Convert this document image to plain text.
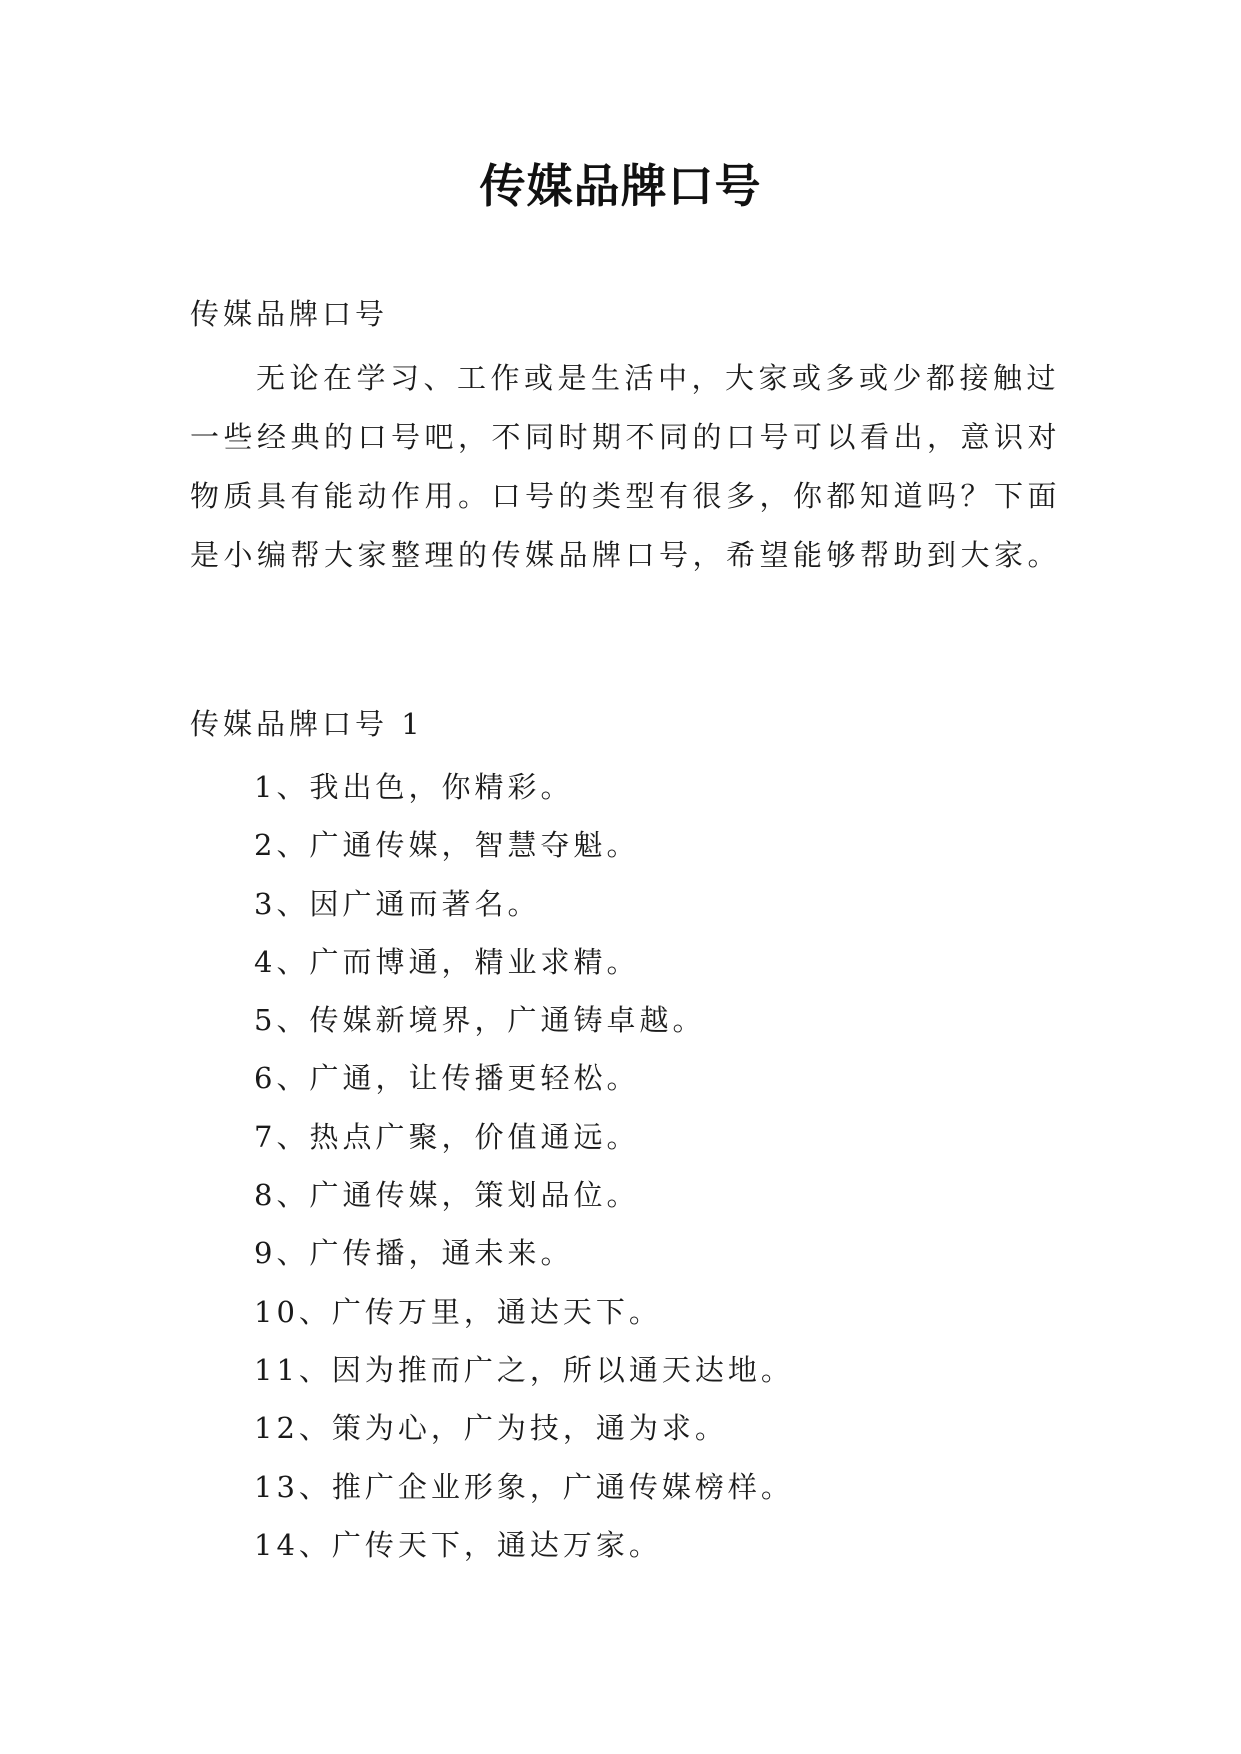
传媒品牌口号
传媒品牌口号
无论在学习、工作或是生活中，大家或多或少都接触过
一些经典的口号吧，不同时期不同的口号可以看出，意识对
物质具有能动作用。口号的类型有很多，你都知道吗？下面
是小编帮大家整理的传媒品牌口号，希望能够帮助到大家。
传媒品牌口号 1
1、我出色，你精彩。
2、广通传媒，智慧夺魁。
3、因广通而著名。
4、广而博通，精业求精。
5、传媒新境界，广通铸卓越。
6、广通，让传播更轻松。
7、热点广聚，价值通远。
8、广通传媒，策划品位。
9、广传播，通未来。
10、广传万里，通达天下。
11、因为推而广之，所以通天达地。
12、策为心，广为技，通为求。
13、推广企业形象，广通传媒榜样。
14、广传天下，通达万家。
